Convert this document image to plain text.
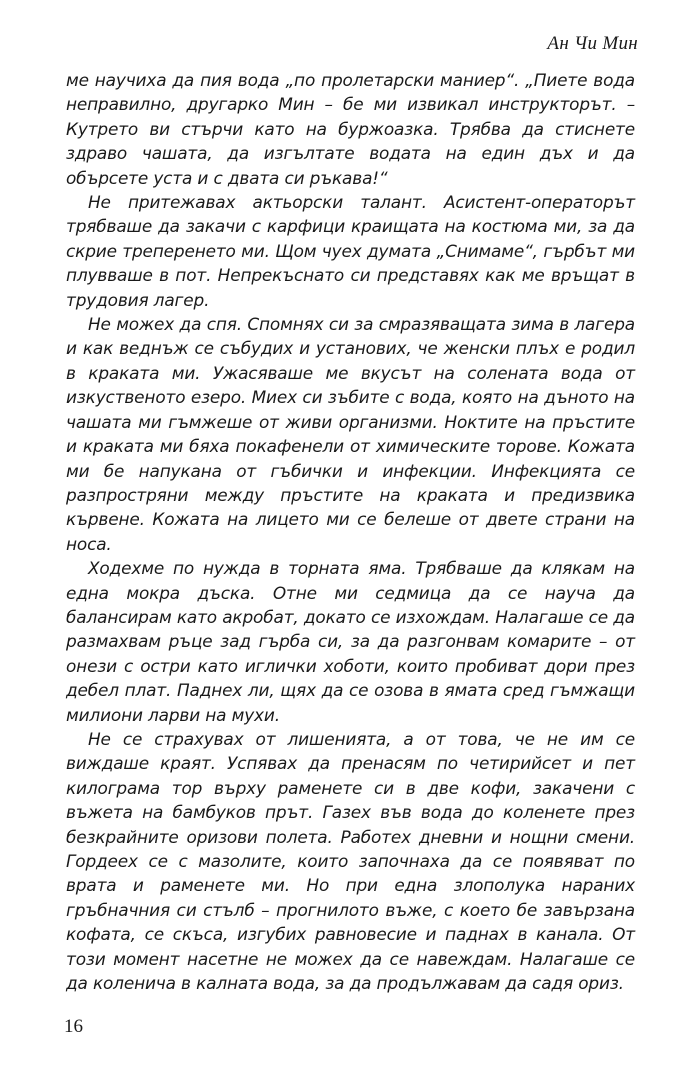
Ан Чи Мин

ме научиха да пия вода „по пролетарски маниер“. „Пиете вода неправилно, другарко Мин – бе ми извикал инструкторът. – Кутрето ви стърчи като на буржоазка. Трябва да стиснете здраво чашата, да изгълтате водата на един дъх и да обърсете уста и с двата си ръкава!“

Не притежавах актьорски талант. Асистент-операторът трябваше да закачи с карфици краищата на костюма ми, за да скрие треперенето ми. Щом чуех думата „Снимаме“, гърбът ми плувваше в пот. Непрекъснато си представях как ме връщат в трудовия лагер.

Не можех да спя. Спомнях си за смразяващата зима в лагера и как веднъж се събудих и установих, че женски плъх е родил в краката ми. Ужасяваше ме вкусът на солената вода от изкуственото езеро. Миех си зъбите с вода, която на дъното на чашата ми гъмжеше от живи организми. Ноктите на пръстите и краката ми бяха покафенели от химическите торове. Кожата ми бе напукана от гъбички и инфекции. Инфекцията се разпростряни между пръстите на краката и предизвика кървене. Кожата на лицето ми се белеше от двете страни на носа.

Ходехме по нужда в торната яма. Трябваше да клякам на една мокра дъска. Отне ми седмица да се науча да балансирам като акробат, докато се изхождам. Налагаше се да размахвам ръце зад гърба си, за да разгонвам комарите – от онези с остри като иглички хоботи, които пробиват дори през дебел плат. Паднех ли, щях да се озова в ямата сред гъмжащи милиони ларви на мухи.

Не се страхувах от лишенията, а от това, че не им се виждаше краят. Успявах да пренасям по четирийсет и пет килограма тор върху раменете си в две кофи, закачени с въжета на бамбуков прът. Газех във вода до коленете през безкрайните оризови полета. Работех дневни и нощни смени. Гордеех се с мазолите, които започнаха да се появяват по врата и раменете ми. Но при една злополука нараних гръбначния си стълб – прогнилото въже, с което бе завързана кофата, се скъса, изгубих равновесие и паднах в канала. От този момент насетне не можех да се навеждам. Налагаше се да коленича в калната вода, за да продължавам да садя ориз.

16
